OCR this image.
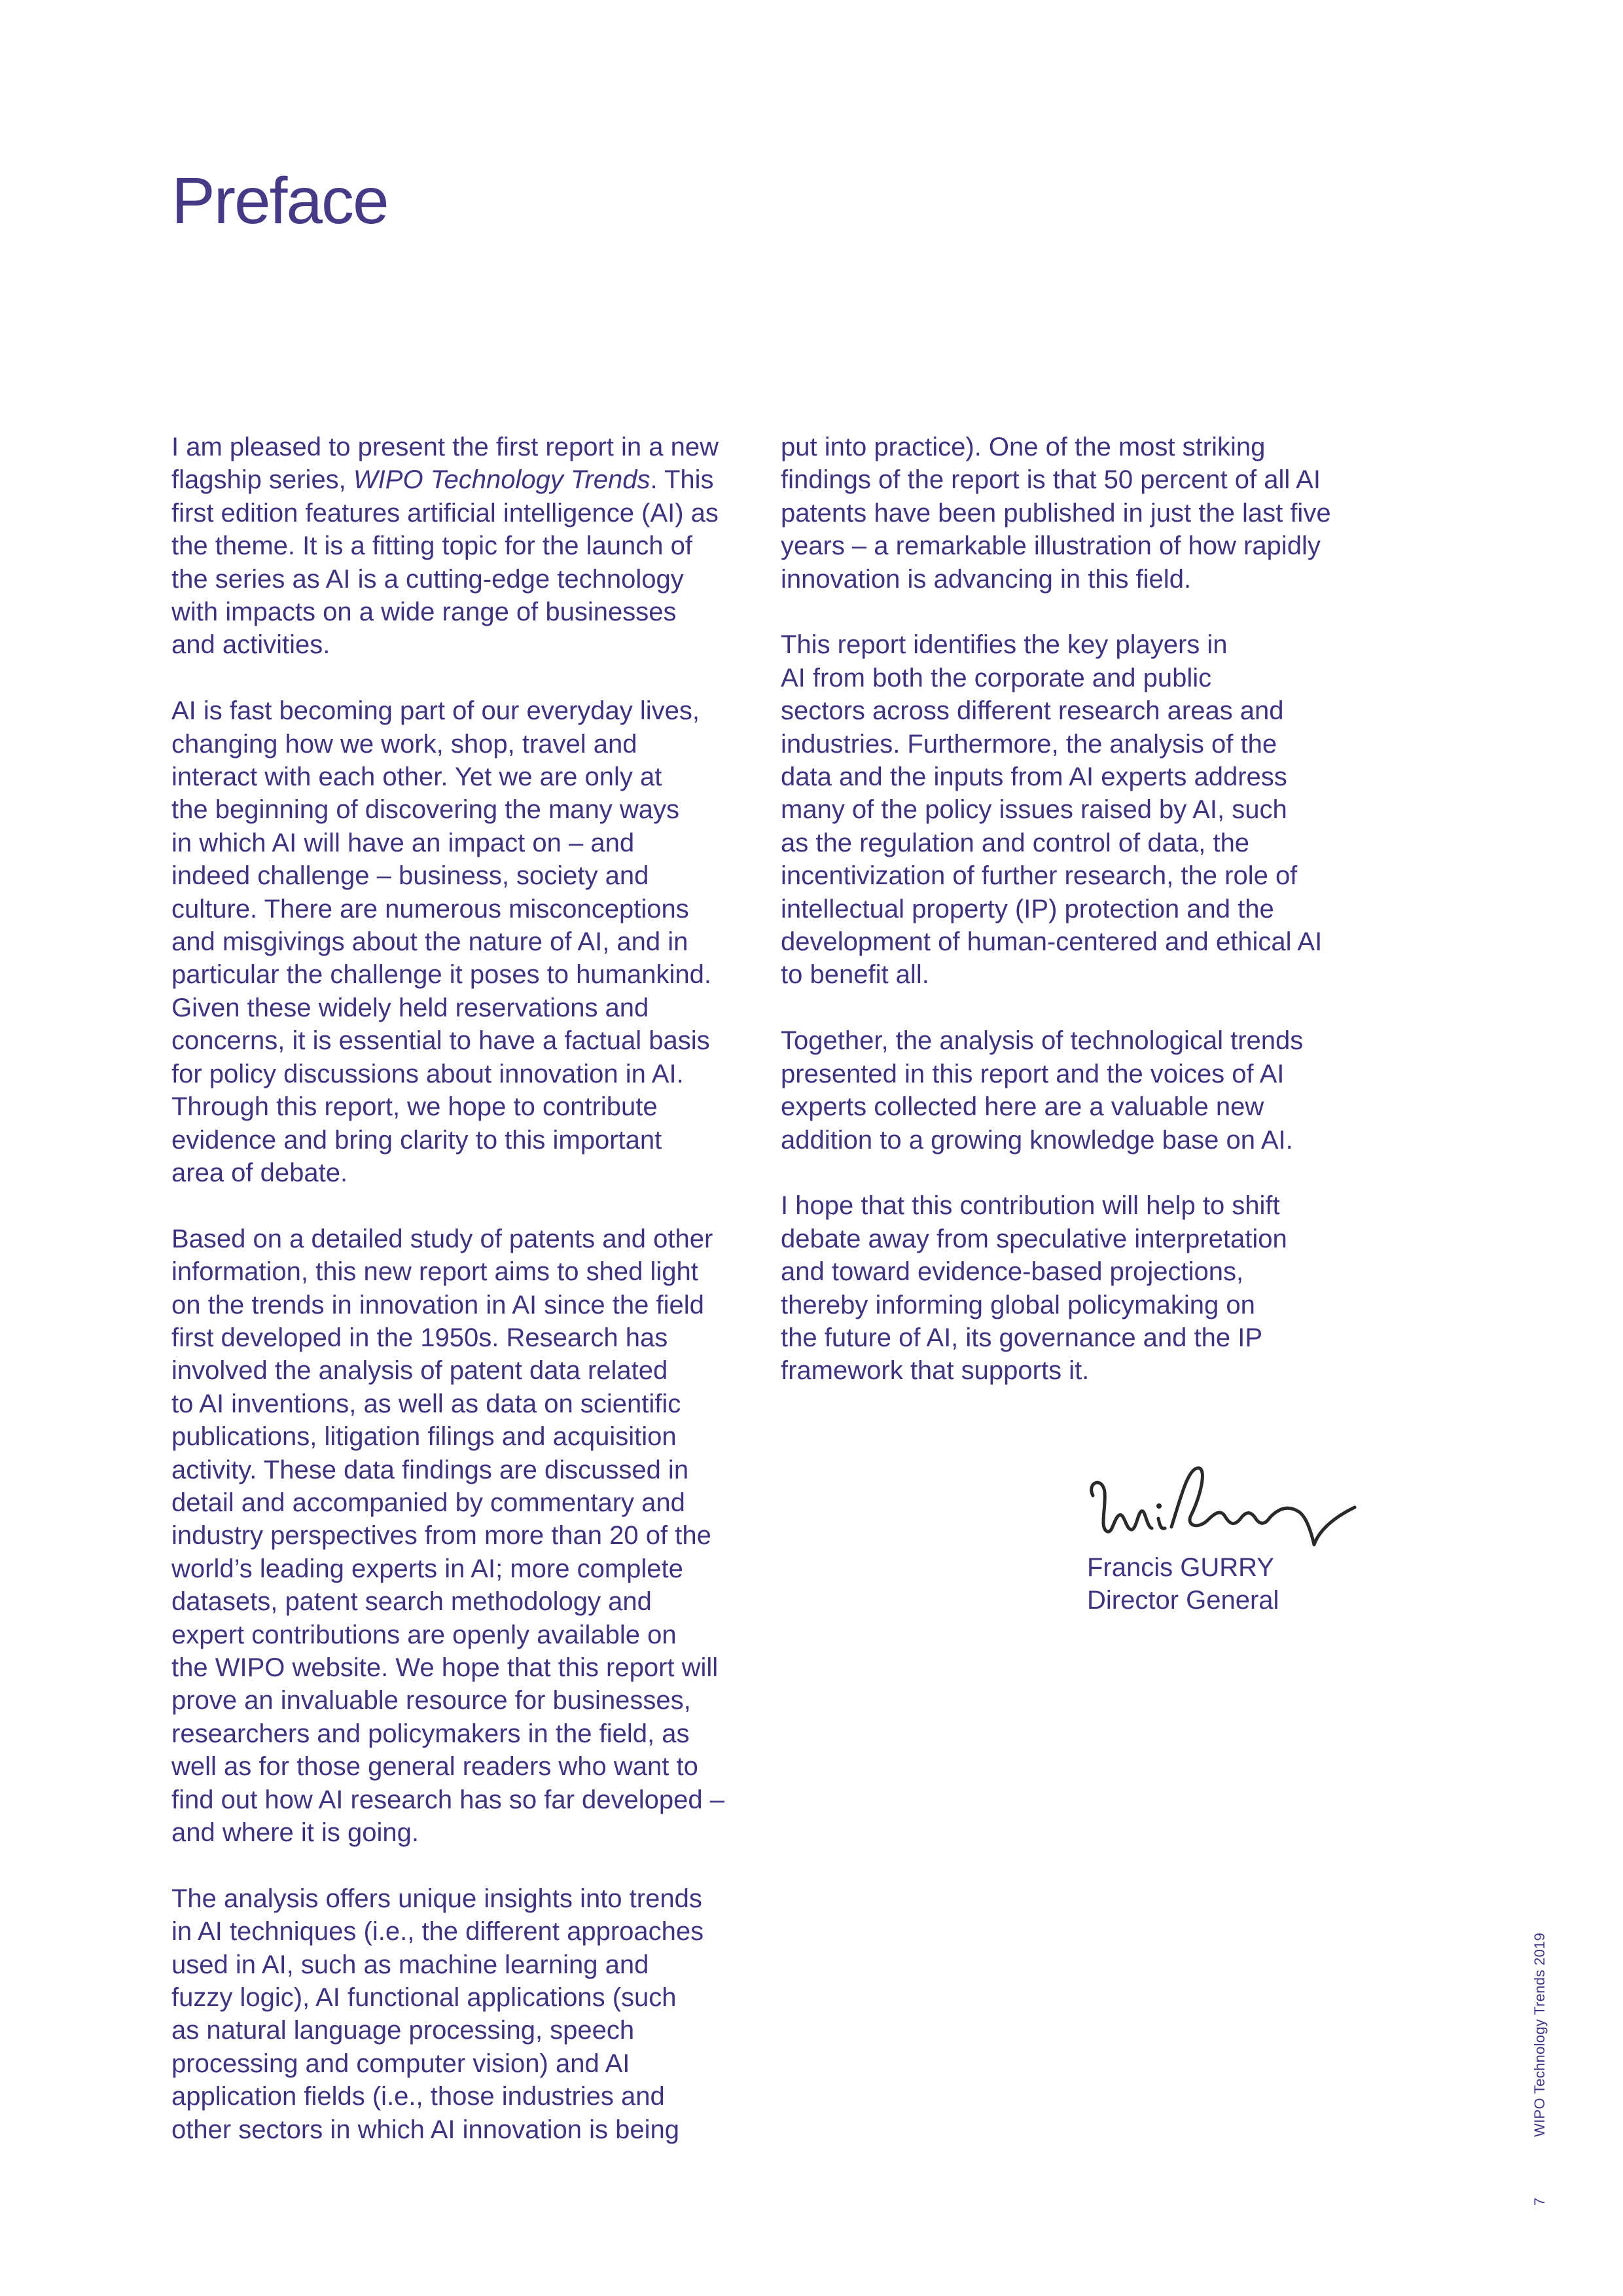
Preface

I am pleased to present the first report in a new
flagship series, WIPO Technology Trends. This
first edition features artificial intelligence (AI) as
the theme. It is a fitting topic for the launch of
the series as AI is a cutting-edge technology
with impacts on a wide range of businesses
and activities.

AI is fast becoming part of our everyday lives,
changing how we work, shop, travel and
interact with each other. Yet we are only at
the beginning of discovering the many ways
in which AI will have an impact on – and
indeed challenge – business, society and
culture. There are numerous misconceptions
and misgivings about the nature of AI, and in
particular the challenge it poses to humankind.
Given these widely held reservations and
concerns, it is essential to have a factual basis
for policy discussions about innovation in AI.
Through this report, we hope to contribute
evidence and bring clarity to this important
area of debate.

Based on a detailed study of patents and other
information, this new report aims to shed light
on the trends in innovation in AI since the field
first developed in the 1950s. Research has
involved the analysis of patent data related
to AI inventions, as well as data on scientific
publications, litigation filings and acquisition
activity. These data findings are discussed in
detail and accompanied by commentary and
industry perspectives from more than 20 of the
world’s leading experts in AI; more complete
datasets, patent search methodology and
expert contributions are openly available on
the WIPO website. We hope that this report will
prove an invaluable resource for businesses,
researchers and policymakers in the field, as
well as for those general readers who want to
find out how AI research has so far developed –
and where it is going.

The analysis offers unique insights into trends
in AI techniques (i.e., the different approaches
used in AI, such as machine learning and
fuzzy logic), AI functional applications (such
as natural language processing, speech
processing and computer vision) and AI
application fields (i.e., those industries and
other sectors in which AI innovation is being

put into practice). One of the most striking
findings of the report is that 50 percent of all AI
patents have been published in just the last five
years – a remarkable illustration of how rapidly
innovation is advancing in this field.

This report identifies the key players in
AI from both the corporate and public
sectors across different research areas and
industries. Furthermore, the analysis of the
data and the inputs from AI experts address
many of the policy issues raised by AI, such
as the regulation and control of data, the
incentivization of further research, the role of
intellectual property (IP) protection and the
development of human-centered and ethical AI
to benefit all.

Together, the analysis of technological trends
presented in this report and the voices of AI
experts collected here are a valuable new
addition to a growing knowledge base on AI.

I hope that this contribution will help to shift
debate away from speculative interpretation
and toward evidence-based projections,
thereby informing global policymaking on
the future of AI, its governance and the IP
framework that supports it.

Francis GURRY
Director General
WIPO Technology Trends 2019
7
